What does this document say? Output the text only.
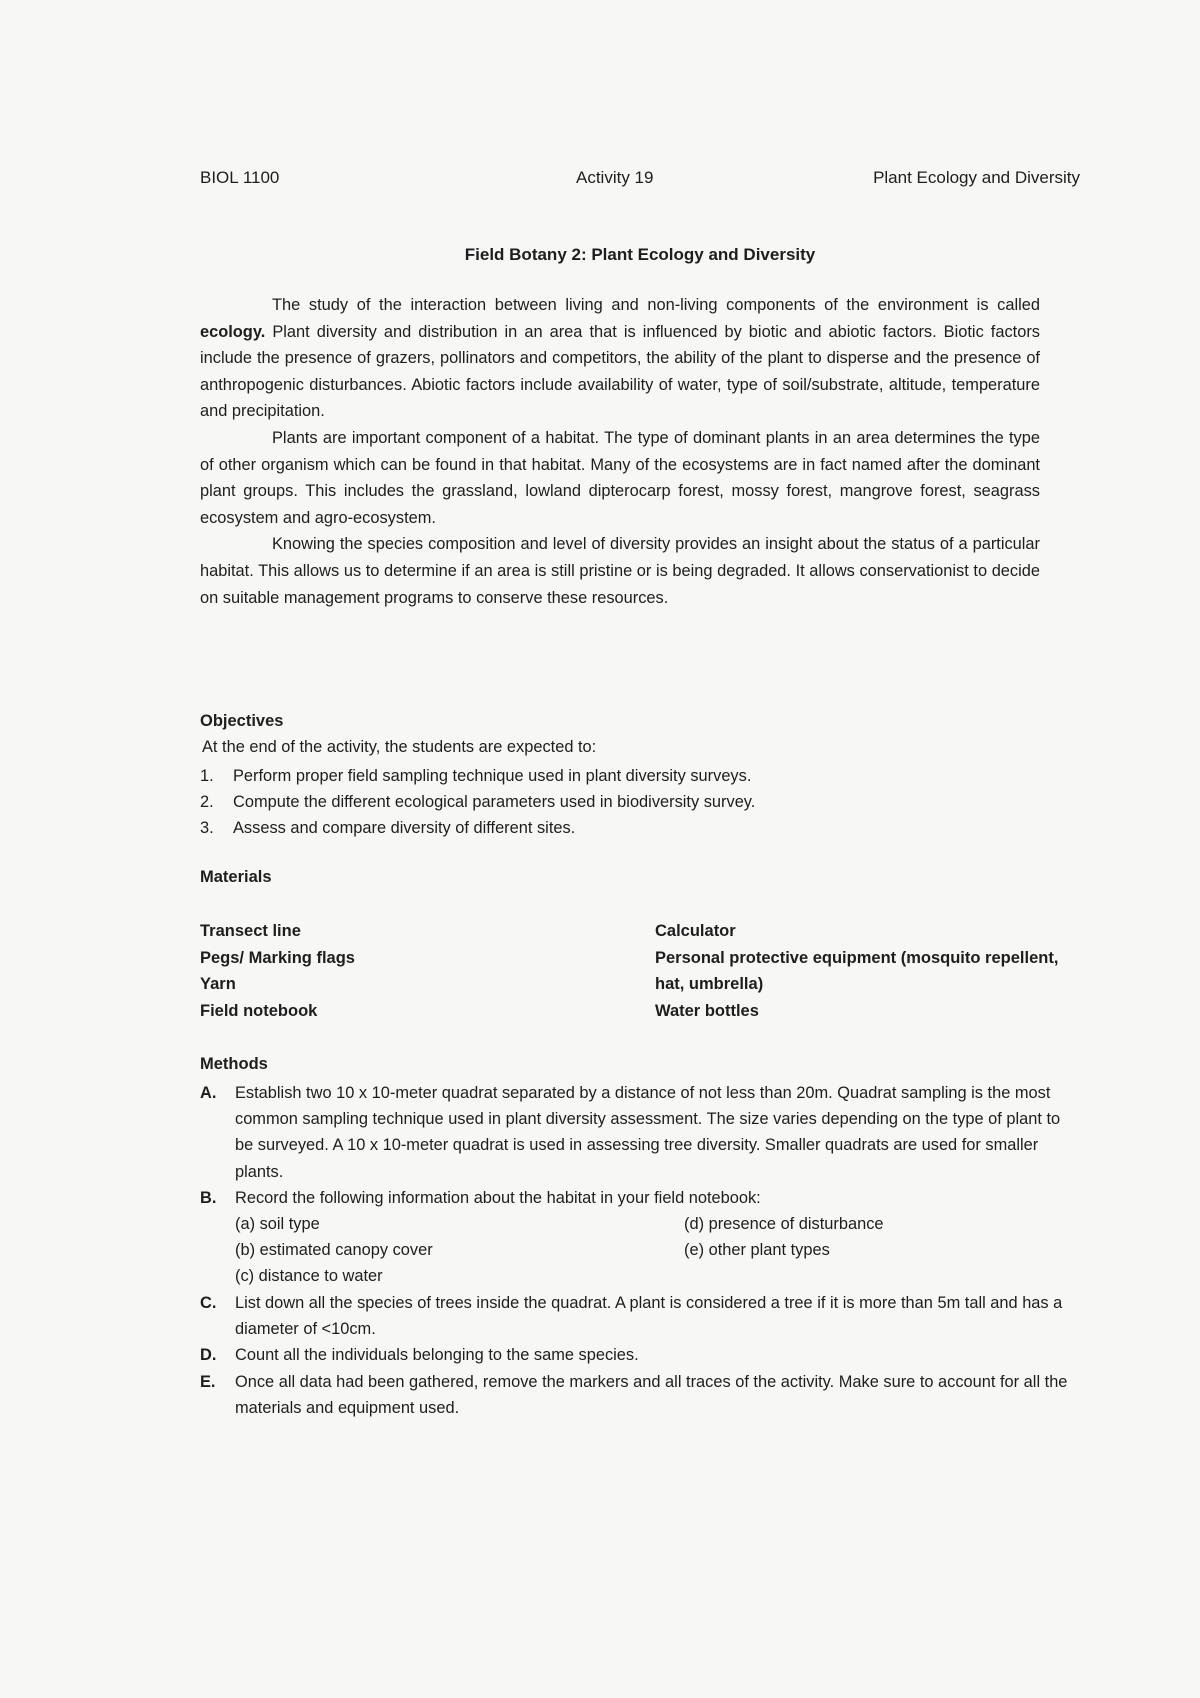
BIOL 1100	Activity 19	Plant Ecology and Diversity
Field Botany 2: Plant Ecology and Diversity

The study of the interaction between living and non-living components of the environment is called ecology. Plant diversity and distribution in an area that is influenced by biotic and abiotic factors. Biotic factors include the presence of grazers, pollinators and competitors, the ability of the plant to disperse and the presence of anthropogenic disturbances. Abiotic factors include availability of water, type of soil/substrate, altitude, temperature and precipitation.

Plants are important component of a habitat. The type of dominant plants in an area determines the type of other organism which can be found in that habitat. Many of the ecosystems are in fact named after the dominant plant groups. This includes the grassland, lowland dipterocarp forest, mossy forest, mangrove forest, seagrass ecosystem and agro-ecosystem.

Knowing the species composition and level of diversity provides an insight about the status of a particular habitat. This allows us to determine if an area is still pristine or is being degraded. It allows conservationist to decide on suitable management programs to conserve these resources.

Objectives
At the end of the activity, the students are expected to:
1. Perform proper field sampling technique used in plant diversity surveys.
2. Compute the different ecological parameters used in biodiversity survey.
3. Assess and compare diversity of different sites.
Materials
Transect line
Pegs/ Marking flags
Yarn
Field notebook
Calculator
Personal protective equipment (mosquito repellent, hat, umbrella)
Water bottles
Methods
A. Establish two 10 x 10-meter quadrat separated by a distance of not less than 20m. Quadrat sampling is the most common sampling technique used in plant diversity assessment. The size varies depending on the type of plant to be surveyed. A 10 x 10-meter quadrat is used in assessing tree diversity. Smaller quadrats are used for smaller plants.
B. Record the following information about the habitat in your field notebook:
(a) soil type
(b) estimated canopy cover
(c) distance to water
(d) presence of disturbance
(e) other plant types
C. List down all the species of trees inside the quadrat. A plant is considered a tree if it is more than 5m tall and has a diameter of <10cm.
D. Count all the individuals belonging to the same species.
E. Once all data had been gathered, remove the markers and all traces of the activity. Make sure to account for all the materials and equipment used.
